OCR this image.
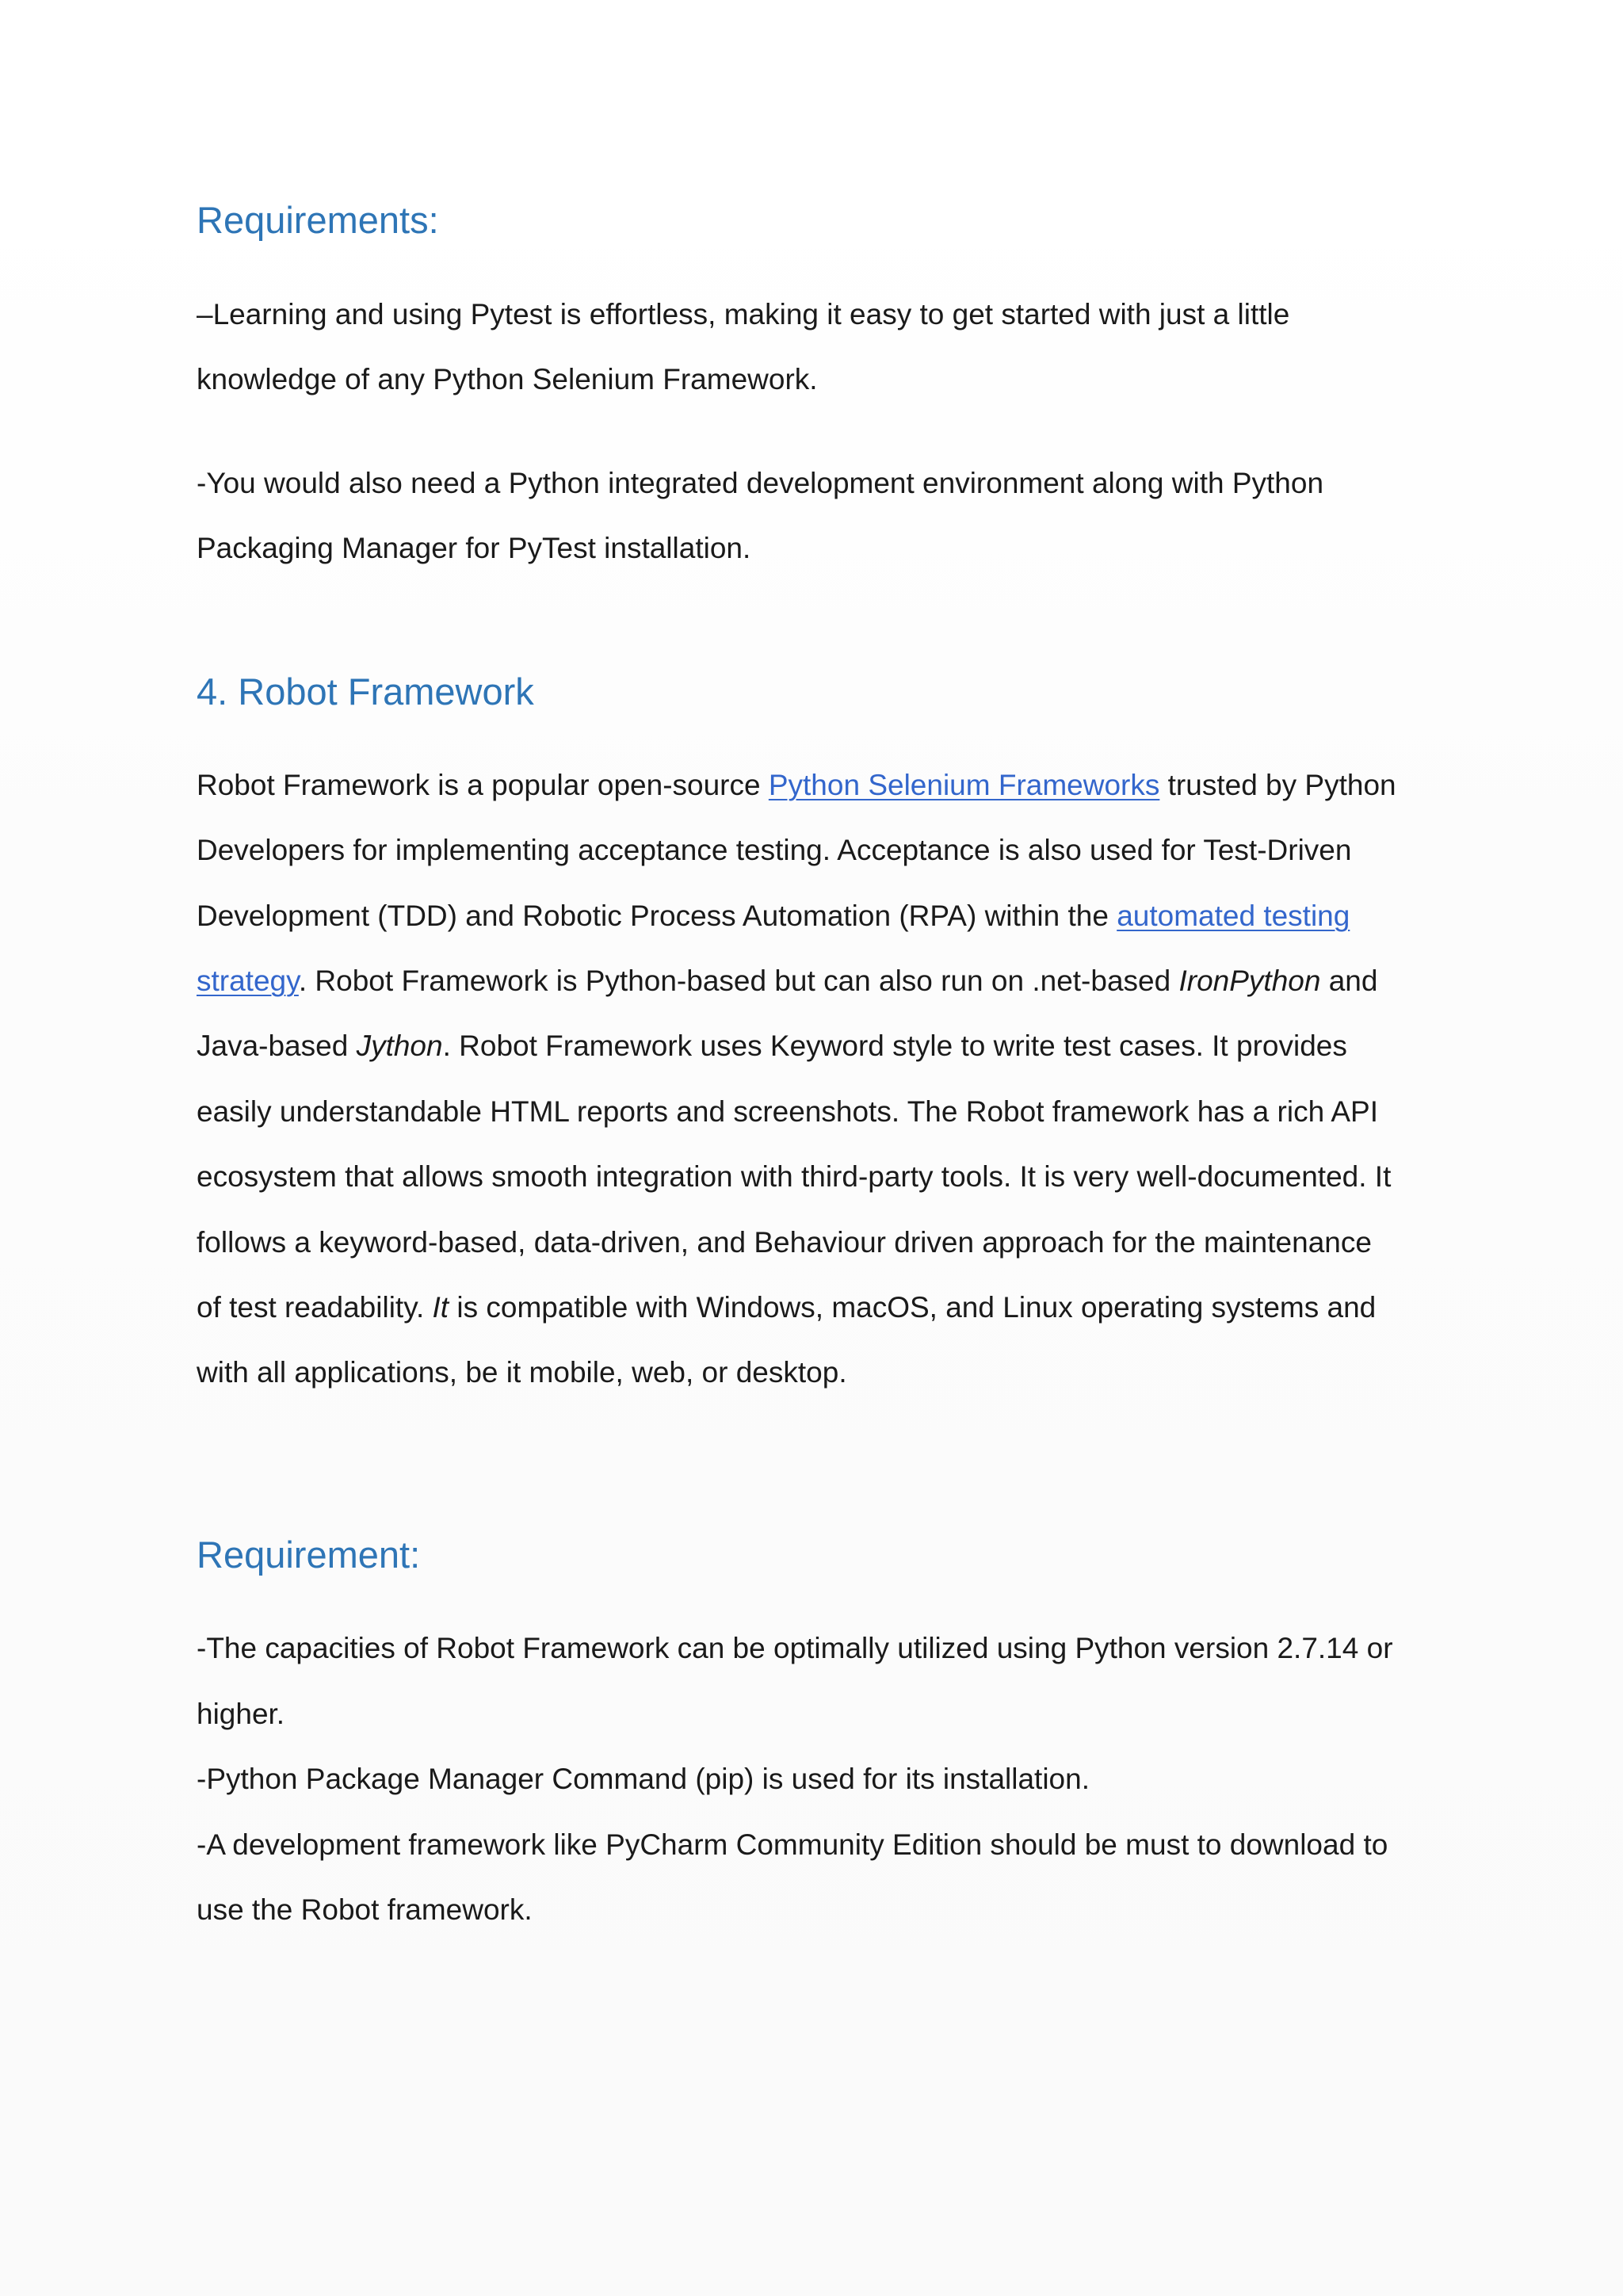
Requirements:

–Learning and using Pytest is effortless, making it easy to get started with just a little

knowledge of any Python Selenium Framework.

-You would also need a Python integrated development environment along with Python

Packaging Manager for PyTest installation.

4. Robot Framework

Robot Framework is a popular open-source Python Selenium Frameworks trusted by Python

Developers for implementing acceptance testing. Acceptance is also used for Test-Driven

Development (TDD) and Robotic Process Automation (RPA) within the automated testing

strategy. Robot Framework is Python-based but can also run on .net-based IronPython and

Java-based Jython. Robot Framework uses Keyword style to write test cases. It provides

easily understandable HTML reports and screenshots. The Robot framework has a rich API

ecosystem that allows smooth integration with third-party tools. It is very well-documented. It

follows a keyword-based, data-driven, and Behaviour driven approach for the maintenance

of test readability. It is compatible with Windows, macOS, and Linux operating systems and

with all applications, be it mobile, web, or desktop.

Requirement:

-The capacities of Robot Framework can be optimally utilized using Python version 2.7.14 or

higher.

-Python Package Manager Command (pip) is used for its installation.

-A development framework like PyCharm Community Edition should be must to download to

use the Robot framework.
